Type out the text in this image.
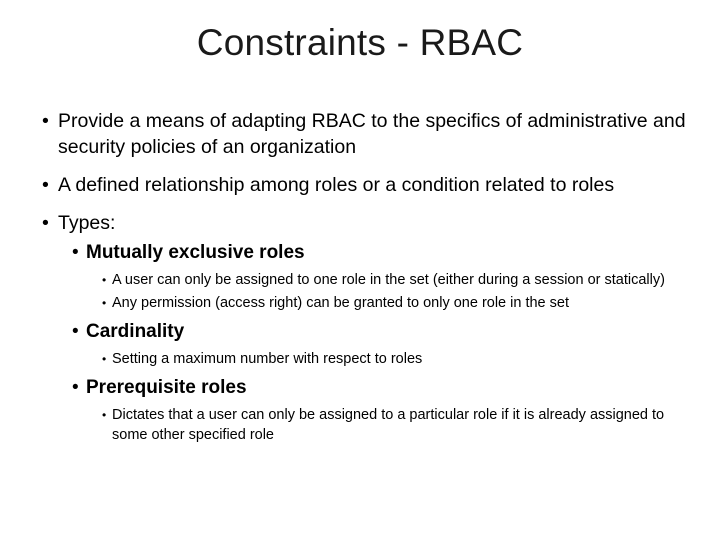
Constraints - RBAC
• Provide a means of adapting RBAC to the specifics of administrative and security policies of an organization
• A defined relationship among roles or a condition related to roles
• Types:
• Mutually exclusive roles
• A user can only be assigned to one role in the set (either during a session or statically)
• Any permission (access right) can be granted to only one role in the set
• Cardinality
• Setting a maximum number with respect to roles
• Prerequisite roles
• Dictates that a user can only be assigned to a particular role if it is already assigned to some other specified role
